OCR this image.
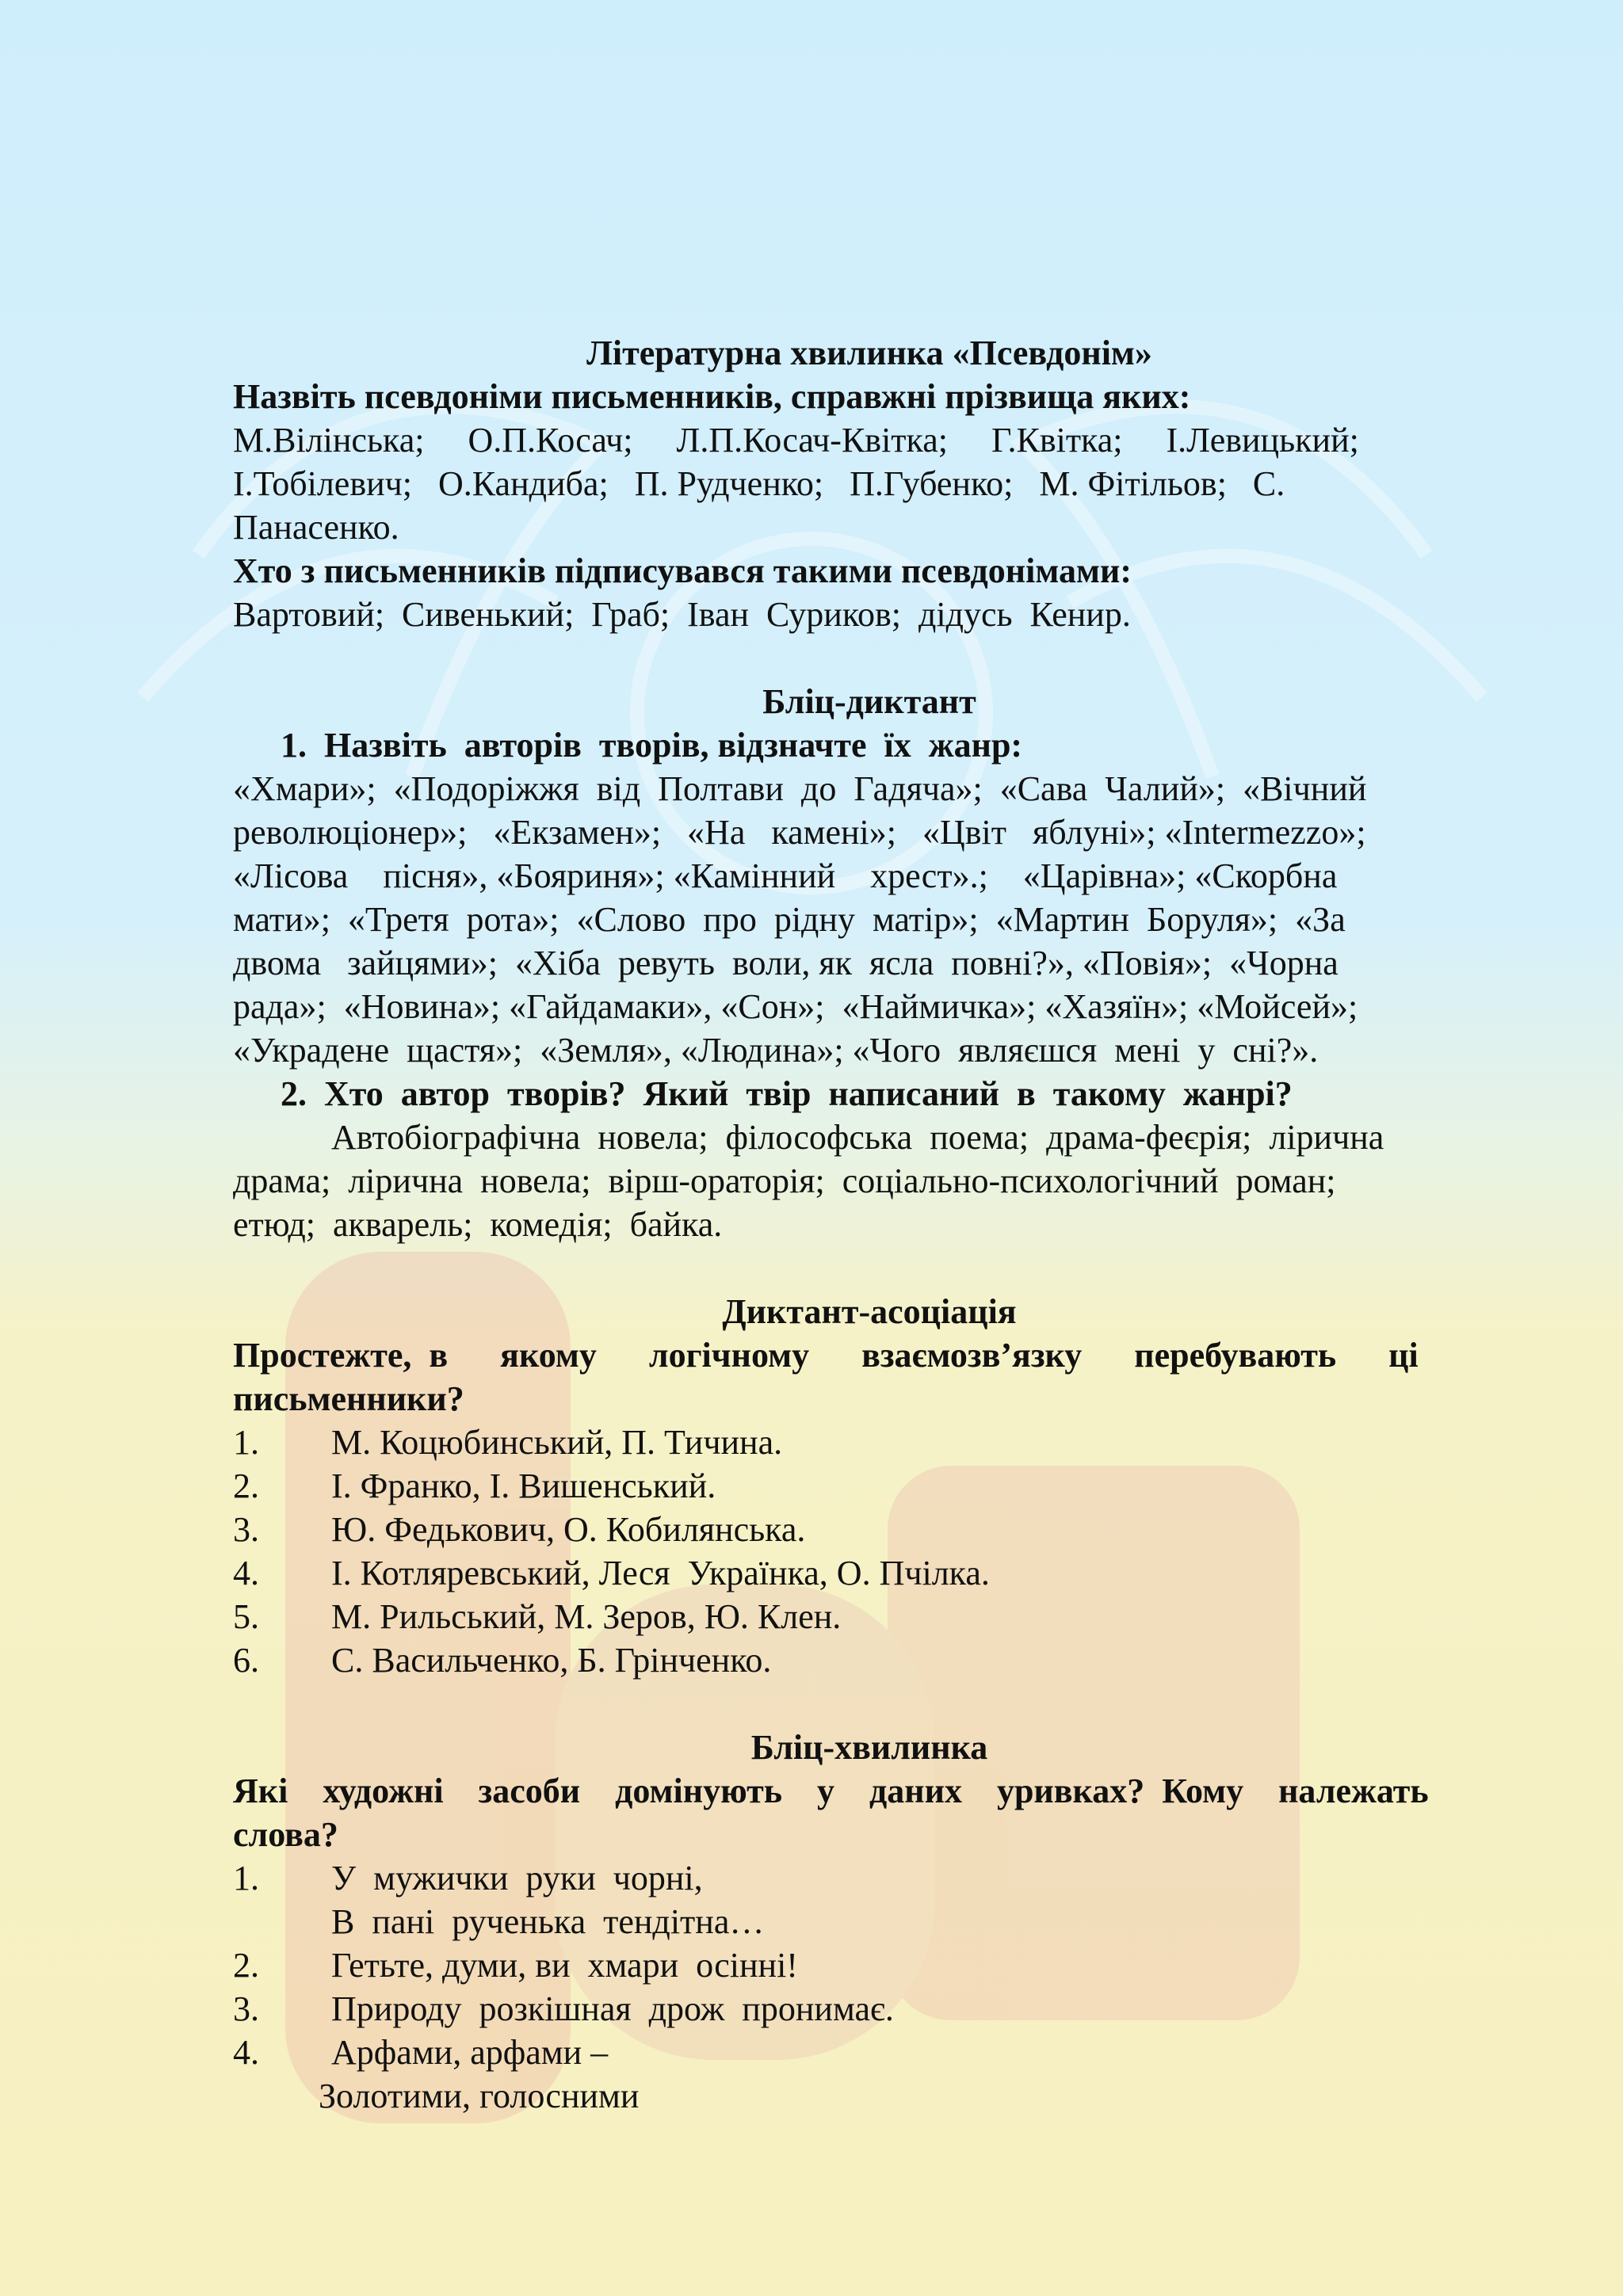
Літературна хвилинка «Псевдонім»

Назвіть псевдоніми письменників, справжні прізвища яких:

М.Вілінська;     О.П.Косач;     Л.П.Косач-Квітка;     Г.Квітка;     І.Левицький;

І.Тобілевич;   О.Кандиба;   П. Рудченко;   П.Губенко;   М. Фітільов;   С.

Панасенко.

Хто з письменників підписувався такими псевдонімами:

Вартовий;  Сивенький;  Граб;  Іван  Суриков;  дідусь  Кенир.

Бліц-диктант

1.  Назвіть  авторів  творів, відзначте  їх  жанр:

«Хмари»;  «Подоріжжя  від  Полтави  до  Гадяча»;  «Сава  Чалий»;  «Вічний

революціонер»;   «Екзамен»;   «На   камені»;   «Цвіт   яблуні»; «Intermezzo»;

«Лісова    пісня», «Бояриня»; «Камінний    хрест».;    «Царівна»; «Скорбна

мати»;  «Третя  рота»;  «Слово  про  рідну  матір»;  «Мартин  Боруля»;  «За

двома   зайцями»;  «Хіба  ревуть  воли, як  ясла  повні?», «Повія»;  «Чорна

рада»;  «Новина»; «Гайдамаки», «Сон»;  «Наймичка»; «Хазяїн»; «Мойсей»;

«Украдене  щастя»;  «Земля», «Людина»; «Чого  являєшся  мені  у  сні?».

2.  Хто  автор  творів?  Який  твір  написаний  в  такому  жанрі?

Автобіографічна  новела;  філософська  поема;  драма-феєрія;  лірична

драма;  лірична  новела;  вірш-ораторія;  соціально-психологічний  роман;

етюд;  акварель;  комедія;  байка.

Диктант-асоціація

Простежте,  в      якому      логічному      взаємозв’язку      перебувають      ці

письменники?

1.	М. Коцюбинський, П. Тичина.
2.	І. Франко, І. Вишенський.
3.	Ю. Федькович, О. Кобилянська.
4.	І. Котляревський, Леся  Українка, О. Пчілка.
5.	М. Рильський, М. Зеров, Ю. Клен.
6.	С. Васильченко, Б. Грінченко.

Бліц-хвилинка

Які    художні    засоби    домінують    у    даних    уривках?  Кому    належать

слова?

1.	У  мужички  руки  чорні,

В  пані  рученька  тендітна…

2.	Гетьте, думи, ви  хмари  осінні!
3.	Природу  розкішная  дрож  пронимає.
4.	Арфами, арфами –

Золотими, голосними
